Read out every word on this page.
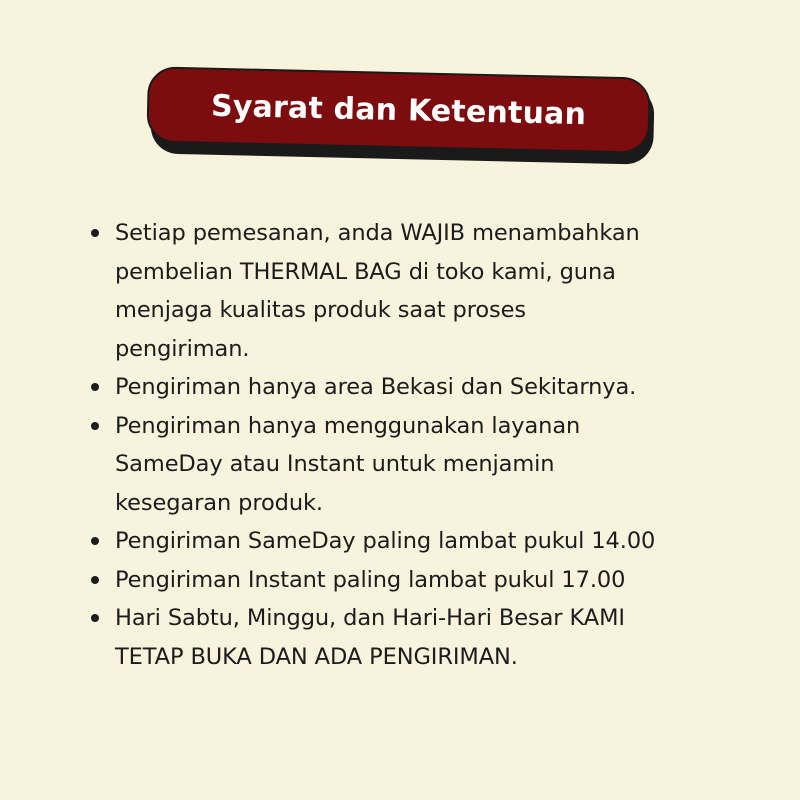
Syarat dan Ketentuan
Setiap pemesanan, anda WAJIB menambahkan
pembelian THERMAL BAG di toko kami, guna
menjaga kualitas produk saat proses
pengiriman.
Pengiriman hanya area Bekasi dan Sekitarnya.
Pengiriman hanya menggunakan layanan
SameDay atau Instant untuk menjamin
kesegaran produk.
Pengiriman SameDay paling lambat pukul 14.00
Pengiriman Instant paling lambat pukul 17.00
Hari Sabtu, Minggu, dan Hari-Hari Besar KAMI
TETAP BUKA DAN ADA PENGIRIMAN.
